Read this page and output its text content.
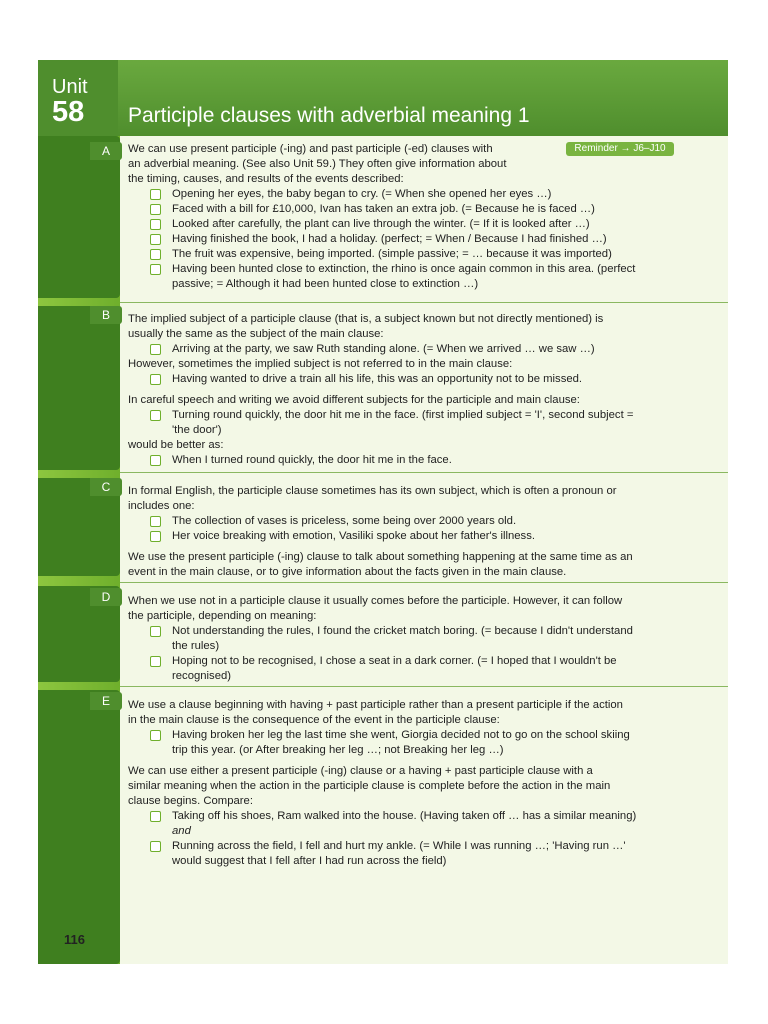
Unit
58 Participle clauses with adverbial meaning 1
Reminder → J6–J10
A	We can use present participle (-ing) and past participle (-ed) clauses with
an adverbial meaning. (See also Unit 59.) They often give information about
the timing, causes, and results of the events described:
Opening her eyes, the baby began to cry. (= When she opened her eyes …)
Faced with a bill for £10,000, Ivan has taken an extra job. (= Because he is faced …)
Looked after carefully, the plant can live through the winter. (= If it is looked after …)
Having finished the book, I had a holiday. (perfect; = When / Because I had finished …)
The fruit was expensive, being imported. (simple passive; = … because it was imported)
Having been hunted close to extinction, the rhino is once again common in this area. (perfect
passive; = Although it had been hunted close to extinction …)
B	The implied subject of a participle clause (that is, a subject known but not directly mentioned) is
usually the same as the subject of the main clause:
Arriving at the party, we saw Ruth standing alone. (= When we arrived … we saw …)
However, sometimes the implied subject is not referred to in the main clause:
Having wanted to drive a train all his life, this was an opportunity not to be missed.
In careful speech and writing we avoid different subjects for the participle and main clause:
Turning round quickly, the door hit me in the face. (first implied subject = 'I', second subject =
'the door')
would be better as:
When I turned round quickly, the door hit me in the face.
C	In formal English, the participle clause sometimes has its own subject, which is often a pronoun or
includes one:
The collection of vases is priceless, some being over 2000 years old.
Her voice breaking with emotion, Vasiliki spoke about her father's illness.
We use the present participle (-ing) clause to talk about something happening at the same time as an
event in the main clause, or to give information about the facts given in the main clause.
D	When we use not in a participle clause it usually comes before the participle. However, it can follow
the participle, depending on meaning:
Not understanding the rules, I found the cricket match boring. (= because I didn't understand
the rules)
Hoping not to be recognised, I chose a seat in a dark corner. (= I hoped that I wouldn't be
recognised)
E	We use a clause beginning with having + past participle rather than a present participle if the action
in the main clause is the consequence of the event in the participle clause:
Having broken her leg the last time she went, Giorgia decided not to go on the school skiing
trip this year. (or After breaking her leg …; not Breaking her leg …)
We can use either a present participle (-ing) clause or a having + past participle clause with a
similar meaning when the action in the participle clause is complete before the action in the main
clause begins. Compare:
Taking off his shoes, Ram walked into the house. (Having taken off … has a similar meaning)
and
Running across the field, I fell and hurt my ankle. (= While I was running …; 'Having run …'
would suggest that I fell after I had run across the field)
116
